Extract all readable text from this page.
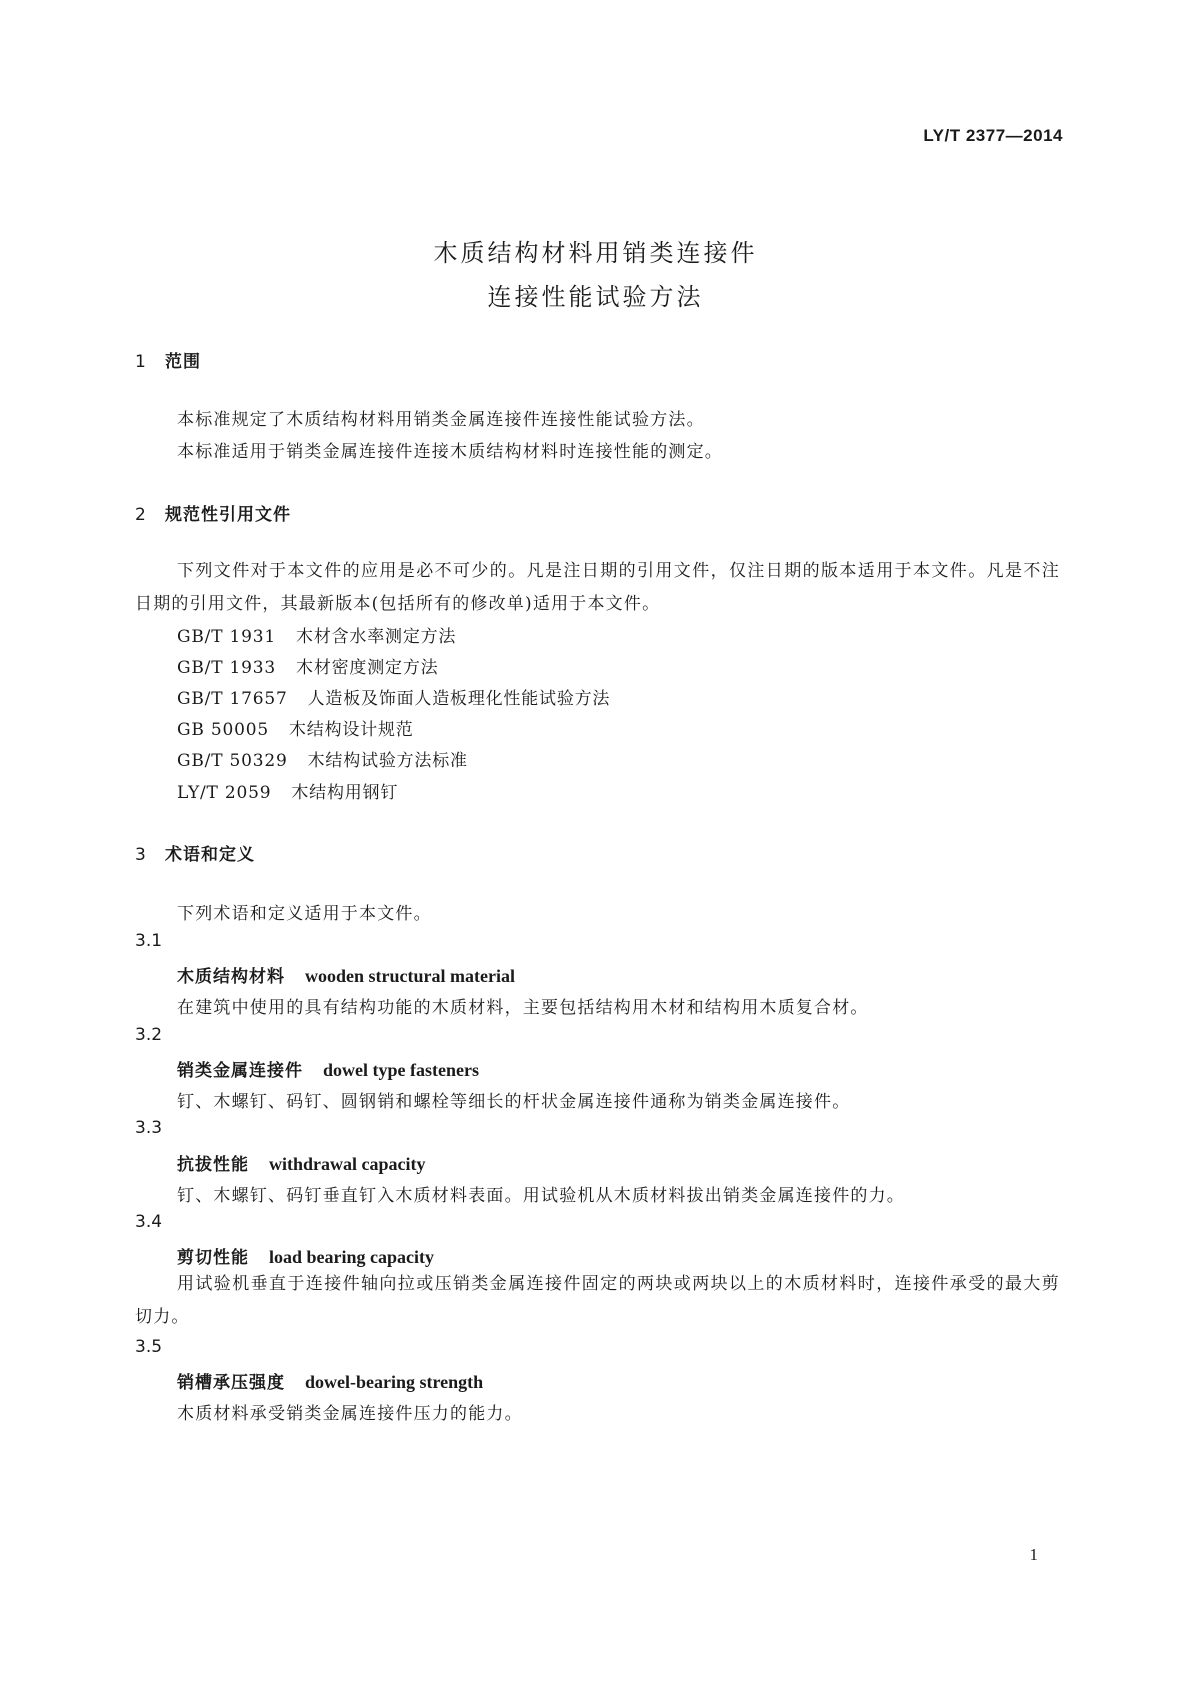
LY/T 2377—2014
木质结构材料用销类连接件
连接性能试验方法
1 范围
本标准规定了木质结构材料用销类金属连接件连接性能试验方法。
本标准适用于销类金属连接件连接木质结构材料时连接性能的测定。
2 规范性引用文件
下列文件对于本文件的应用是必不可少的。凡是注日期的引用文件，仅注日期的版本适用于本文件。凡是不注日期的引用文件，其最新版本(包括所有的修改单)适用于本文件。
GB/T 1931 木材含水率测定方法
GB/T 1933 木材密度测定方法
GB/T 17657 人造板及饰面人造板理化性能试验方法
GB 50005 木结构设计规范
GB/T 50329 木结构试验方法标准
LY/T 2059 木结构用钢钉
3 术语和定义
下列术语和定义适用于本文件。
3.1
木质结构材料 wooden structural material
在建筑中使用的具有结构功能的木质材料，主要包括结构用木材和结构用木质复合材。
3.2
销类金属连接件 dowel type fasteners
钉、木螺钉、码钉、圆钢销和螺栓等细长的杆状金属连接件通称为销类金属连接件。
3.3
抗拔性能 withdrawal capacity
钉、木螺钉、码钉垂直钉入木质材料表面。用试验机从木质材料拔出销类金属连接件的力。
3.4
剪切性能 load bearing capacity
用试验机垂直于连接件轴向拉或压销类金属连接件固定的两块或两块以上的木质材料时，连接件承受的最大剪切力。
3.5
销槽承压强度 dowel-bearing strength
木质材料承受销类金属连接件压力的能力。
1
